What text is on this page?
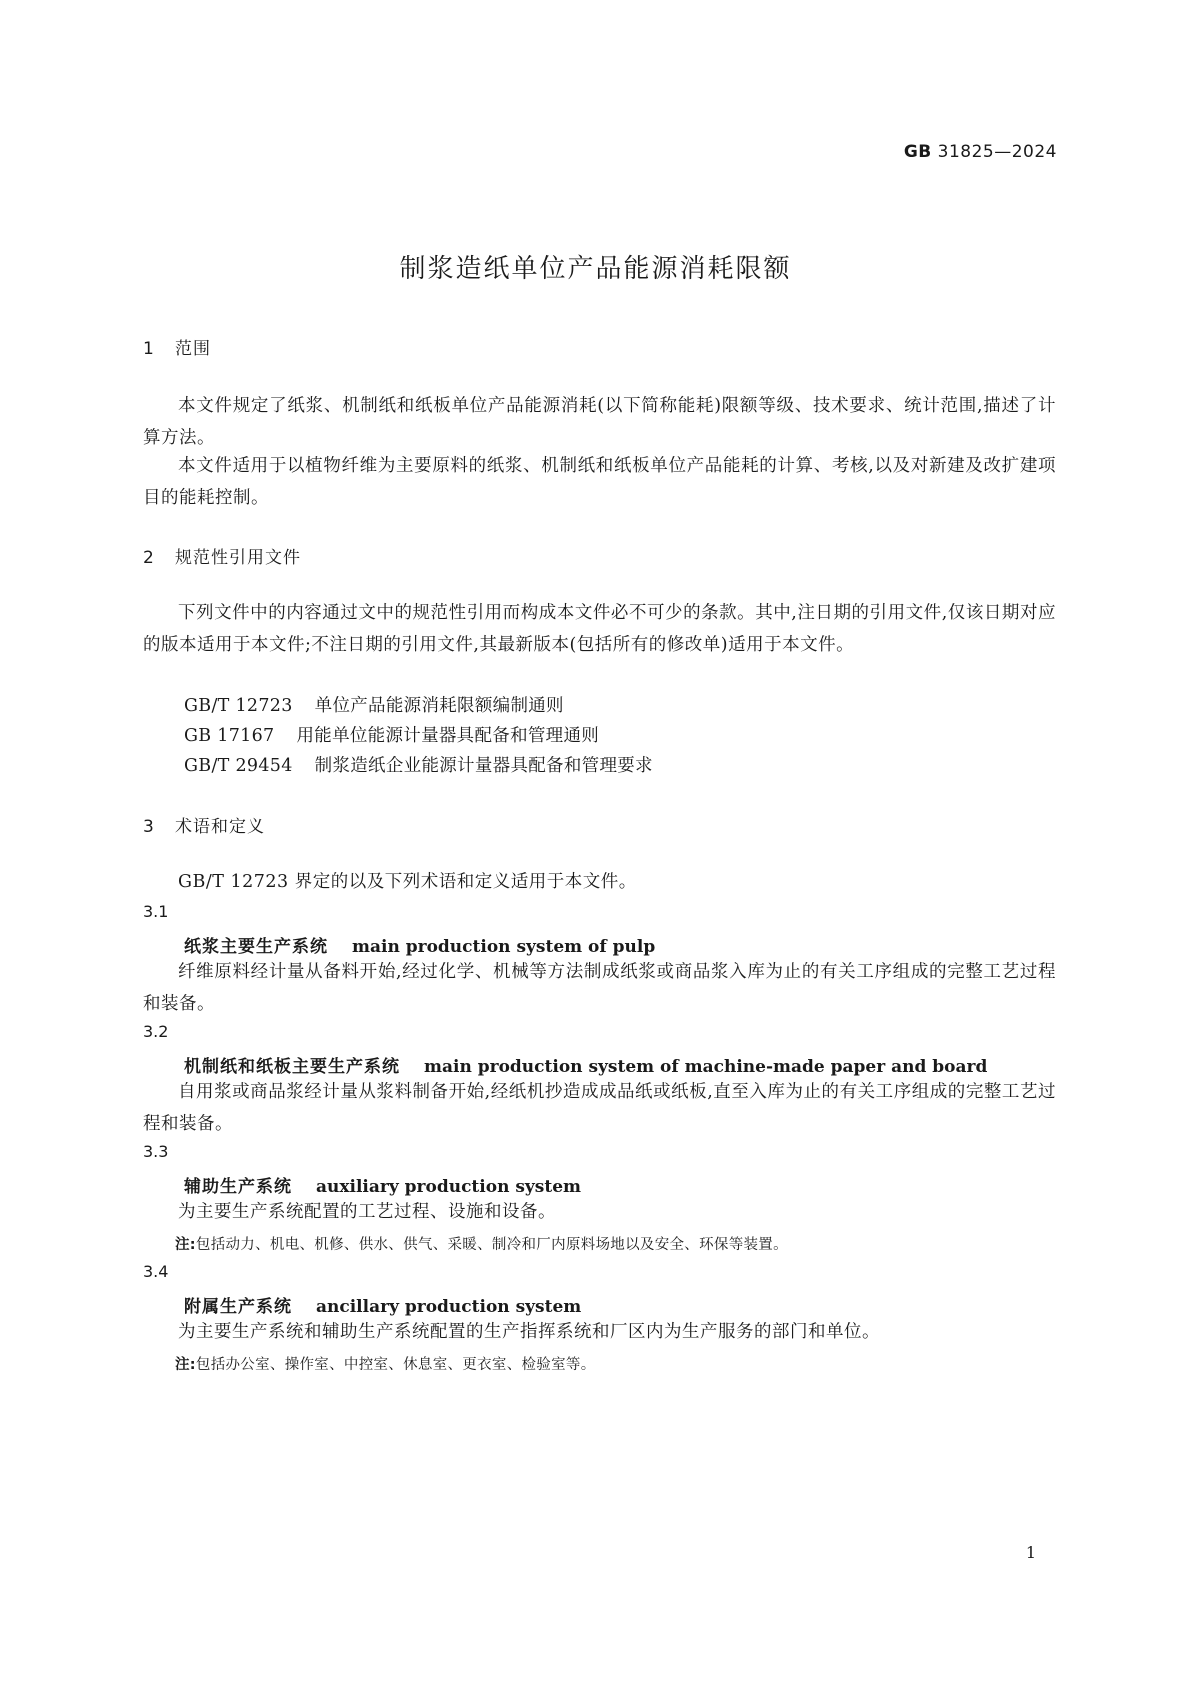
GB 31825—2024
制浆造纸单位产品能源消耗限额
1 范围
本文件规定了纸浆、机制纸和纸板单位产品能源消耗(以下简称能耗)限额等级、技术要求、统计范围,描述了计算方法。
本文件适用于以植物纤维为主要原料的纸浆、机制纸和纸板单位产品能耗的计算、考核,以及对新建及改扩建项目的能耗控制。
2 规范性引用文件
下列文件中的内容通过文中的规范性引用而构成本文件必不可少的条款。其中,注日期的引用文件,仅该日期对应的版本适用于本文件;不注日期的引用文件,其最新版本(包括所有的修改单)适用于本文件。
GB/T 12723 单位产品能源消耗限额编制通则
GB 17167 用能单位能源计量器具配备和管理通则
GB/T 29454 制浆造纸企业能源计量器具配备和管理要求
3 术语和定义
GB/T 12723 界定的以及下列术语和定义适用于本文件。
3.1
纸浆主要生产系统 main production system of pulp
纤维原料经计量从备料开始,经过化学、机械等方法制成纸浆或商品浆入库为止的有关工序组成的完整工艺过程和装备。
3.2
机制纸和纸板主要生产系统 main production system of machine-made paper and board
自用浆或商品浆经计量从浆料制备开始,经纸机抄造成成品纸或纸板,直至入库为止的有关工序组成的完整工艺过程和装备。
3.3
辅助生产系统 auxiliary production system
为主要生产系统配置的工艺过程、设施和设备。
注:包括动力、机电、机修、供水、供气、采暖、制冷和厂内原料场地以及安全、环保等装置。
3.4
附属生产系统 ancillary production system
为主要生产系统和辅助生产系统配置的生产指挥系统和厂区内为生产服务的部门和单位。
注:包括办公室、操作室、中控室、休息室、更衣室、检验室等。
1
